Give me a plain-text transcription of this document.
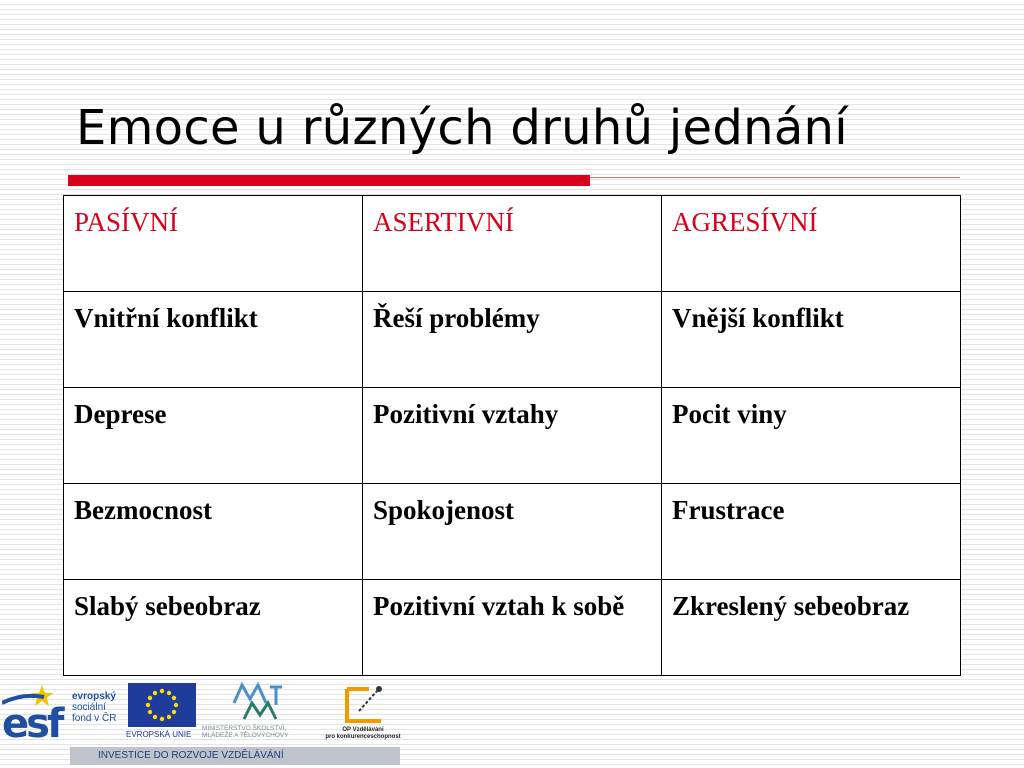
Emoce u různých druhů jednání
PASÍVNÍ	ASERTIVNÍ	AGRESÍVNÍ
Vnitřní konflikt	Řeší problémy	Vnější konflikt
Deprese	Pozitivní vztahy	Pocit viny
Bezmocnost	Spokojenost	Frustrace

Slabý sebeobraz	Pozitivní vztah k sobě	Zkreslený sebeobraz
esf
evropský
sociální
fond v ČR
EVROPSKÁ UNIE
MINISTERSTVO ŠKOLSTVÍ,
MLÁDEŽE A TĚLOVÝCHOVY
OP Vzdělávání
pro konkurenceschopnost
INVESTICE DO ROZVOJE VZDĚLÁVÁNÍ
